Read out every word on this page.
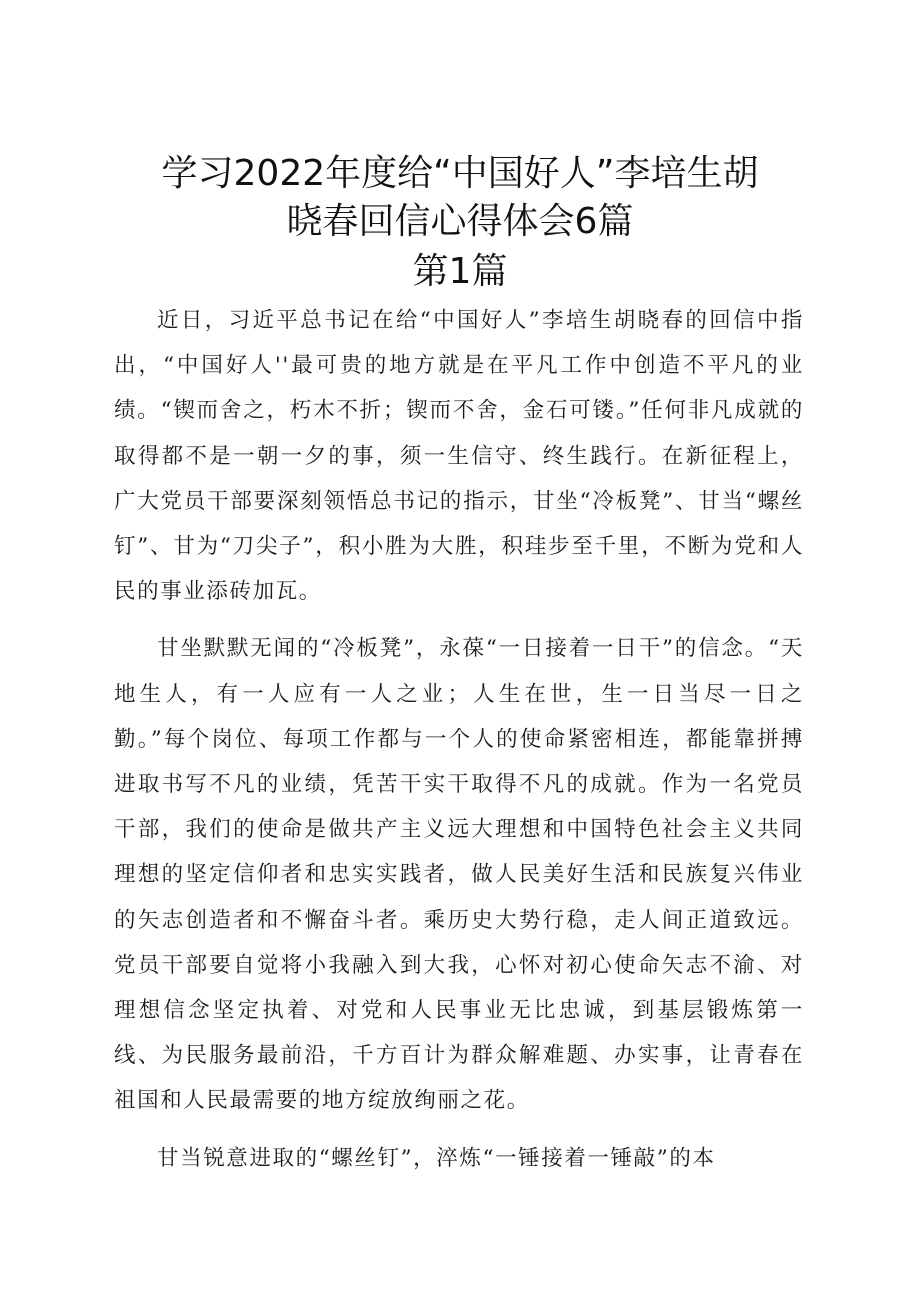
学习2022年度给“中国好人”李培生胡
晓春回信心得体会6篇
第1篇

近日，习近平总书记在给“中国好人”李培生胡晓春的回信中指出，“中国好人''最可贵的地方就是在平凡工作中创造不平凡的业绩。“锲而舍之，朽木不折；锲而不舍，金石可镂。”任何非凡成就的取得都不是一朝一夕的事，须一生信守、终生践行。在新征程上，广大党员干部要深刻领悟总书记的指示，甘坐“冷板凳”、甘当“螺丝钉”、甘为“刀尖子”，积小胜为大胜，积珪步至千里，不断为党和人民的事业添砖加瓦。

甘坐默默无闻的“冷板凳”，永葆“一日接着一日干”的信念。“天地生人，有一人应有一人之业；人生在世，生一日当尽一日之勤。”每个岗位、每项工作都与一个人的使命紧密相连，都能靠拼搏进取书写不凡的业绩，凭苦干实干取得不凡的成就。作为一名党员干部，我们的使命是做共产主义远大理想和中国特色社会主义共同理想的坚定信仰者和忠实实践者，做人民美好生活和民族复兴伟业的矢志创造者和不懈奋斗者。乘历史大势行稳，走人间正道致远。党员干部要自觉将小我融入到大我，心怀对初心使命矢志不渝、对理想信念坚定执着、对党和人民事业无比忠诚，到基层锻炼第一线、为民服务最前沿，千方百计为群众解难题、办实事，让青春在祖国和人民最需要的地方绽放绚丽之花。

甘当锐意进取的“螺丝钉”，淬炼“一锤接着一锤敲”的本
